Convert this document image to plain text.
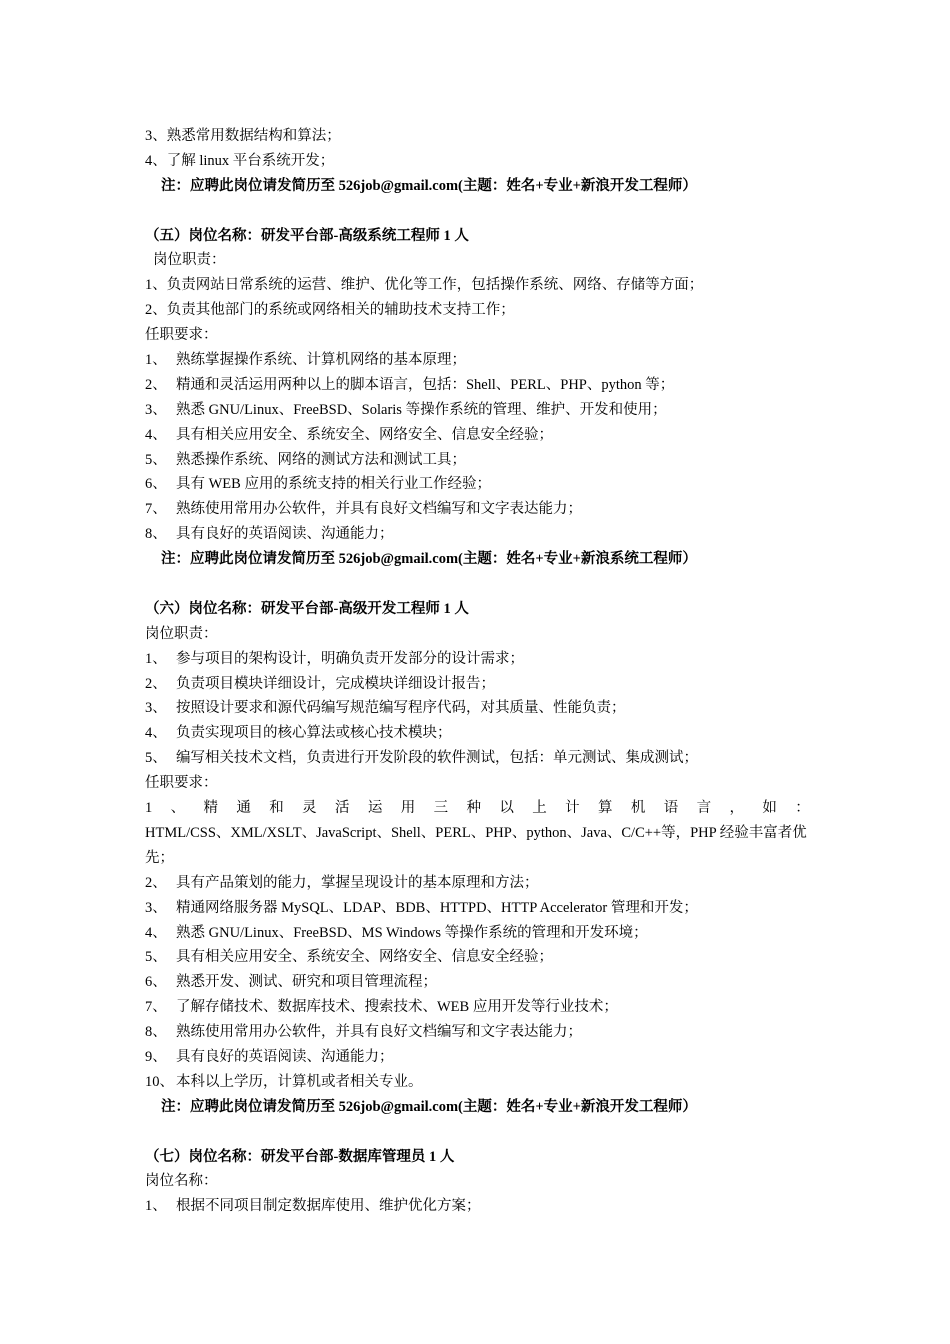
3、熟悉常用数据结构和算法；
4、了解 linux 平台系统开发；
注：应聘此岗位请发简历至 526job@gmail.com(主题：姓名+专业+新浪开发工程师）
（五）岗位名称：研发平台部-高级系统工程师 1 人
岗位职责：
1、负责网站日常系统的运营、维护、优化等工作，包括操作系统、网络、存储等方面；
2、负责其他部门的系统或网络相关的辅助技术支持工作；
任职要求：
1、 熟练掌握操作系统、计算机网络的基本原理；
2、 精通和灵活运用两种以上的脚本语言，包括：Shell、PERL、PHP、python 等；
3、 熟悉 GNU/Linux、FreeBSD、Solaris 等操作系统的管理、维护、开发和使用；
4、 具有相关应用安全、系统安全、网络安全、信息安全经验；
5、 熟悉操作系统、网络的测试方法和测试工具；
6、 具有 WEB 应用的系统支持的相关行业工作经验；
7、 熟练使用常用办公软件，并具有良好文档编写和文字表达能力；
8、 具有良好的英语阅读、沟通能力；
注：应聘此岗位请发简历至 526job@gmail.com(主题：姓名+专业+新浪系统工程师）
（六）岗位名称：研发平台部-高级开发工程师 1 人
岗位职责：
1、 参与项目的架构设计，明确负责开发部分的设计需求；
2、 负责项目模块详细设计，完成模块详细设计报告；
3、 按照设计要求和源代码编写规范编写程序代码，对其质量、性能负责；
4、 负责实现项目的核心算法或核心技术模块；
5、 编写相关技术文档，负责进行开发阶段的软件测试，包括：单元测试、集成测试；
任职要求：
1 、 精 通 和 灵 活 运 用 三 种 以 上 计 算 机 语 言 ， 如 ：
HTML/CSS、XML/XSLT、JavaScript、Shell、PERL、PHP、python、Java、C/C++等，PHP 经验丰富者优先；
2、 具有产品策划的能力，掌握呈现设计的基本原理和方法；
3、 精通网络服务器 MySQL、LDAP、BDB、HTTPD、HTTP Accelerator 管理和开发；
4、 熟悉 GNU/Linux、FreeBSD、MS Windows 等操作系统的管理和开发环境；
5、 具有相关应用安全、系统安全、网络安全、信息安全经验；
6、 熟悉开发、测试、研究和项目管理流程；
7、 了解存储技术、数据库技术、搜索技术、WEB 应用开发等行业技术；
8、 熟练使用常用办公软件，并具有良好文档编写和文字表达能力；
9、 具有良好的英语阅读、沟通能力；
10、 本科以上学历，计算机或者相关专业。
注：应聘此岗位请发简历至 526job@gmail.com(主题：姓名+专业+新浪开发工程师）
（七）岗位名称：研发平台部-数据库管理员 1 人
岗位名称：
1、 根据不同项目制定数据库使用、维护优化方案；
